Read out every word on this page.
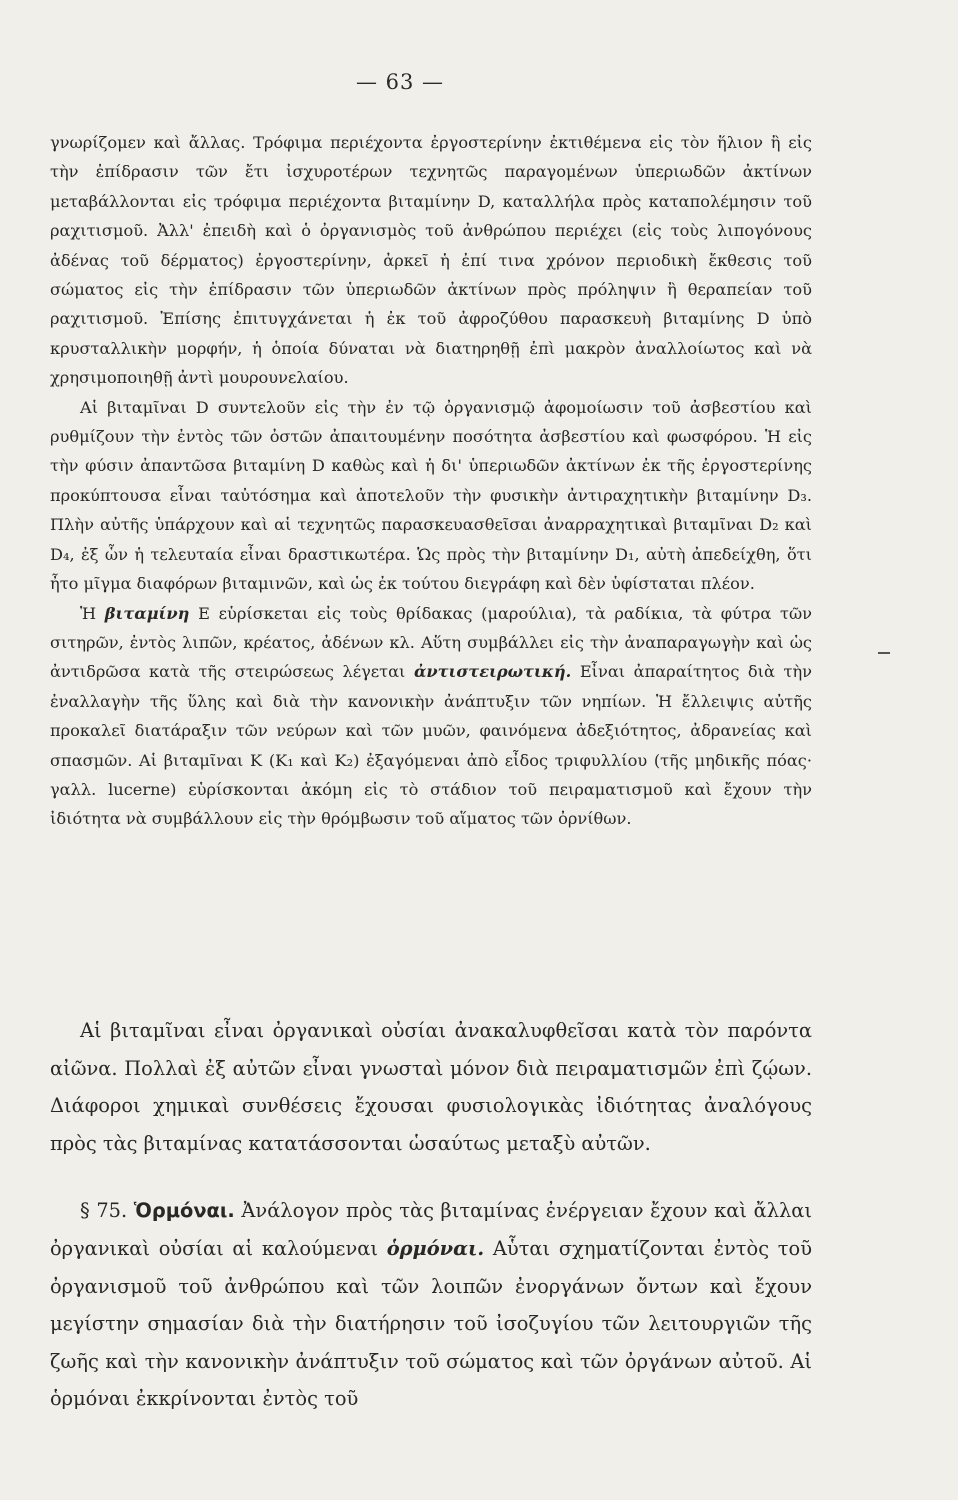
— 63 —

γνωρίζομεν καὶ ἄλλας. Τρόφιμα περιέχοντα ἐργοστερίνην ἐκτιθέμενα εἰς τὸν ἥλιον ἢ εἰς τὴν ἐπίδρασιν τῶν ἔτι ἰσχυροτέρων τεχνητῶς παραγομένων ὑπεριωδῶν ἀκτίνων μεταβάλλονται εἰς τρόφιμα περιέχοντα βιταμίνην D, καταλλήλα πρὸς καταπολέμησιν τοῦ ραχιτισμοῦ. Ἀλλ' ἐπειδὴ καὶ ὁ ὀργανισμὸς τοῦ ἀνθρώπου περιέχει (εἰς τοὺς λιπογόνους ἀδένας τοῦ δέρματος) ἐργοστερίνην, ἀρκεῖ ἡ ἐπί τινα χρόνον περιοδικὴ ἔκθεσις τοῦ σώματος εἰς τὴν ἐπίδρασιν τῶν ὑπεριωδῶν ἀκτίνων πρὸς πρόληψιν ἢ θεραπείαν τοῦ ραχιτισμοῦ. Ἐπίσης ἐπιτυγχάνεται ἡ ἐκ τοῦ ἀφροζύθου παρασκευὴ βιταμίνης D ὑπὸ κρυσταλλικὴν μορφήν, ἡ ὁποία δύναται νὰ διατηρηθῇ ἐπὶ μακρὸν ἀναλλοίωτος καὶ νὰ χρησιμοποιηθῇ ἀντὶ μουρουνελαίου.

Αἱ βιταμῖναι D συντελοῦν εἰς τὴν ἐν τῷ ὀργανισμῷ ἀφομοίωσιν τοῦ ἀσβεστίου καὶ ρυθμίζουν τὴν ἐντὸς τῶν ὀστῶν ἀπαιτουμένην ποσότητα ἀσβεστίου καὶ φωσφόρου. Ἡ εἰς τὴν φύσιν ἀπαντῶσα βιταμίνη D καθὼς καὶ ἡ δι' ὑπεριωδῶν ἀκτίνων ἐκ τῆς ἐργοστερίνης προκύπτουσα εἶναι ταὐτόσημα καὶ ἀποτελοῦν τὴν φυσικὴν ἀντιραχητικὴν βιταμίνην D₃. Πλὴν αὐτῆς ὑπάρχουν καὶ αἱ τεχνητῶς παρασκευασθεῖσαι ἀναρραχητικαὶ βιταμῖναι D₂ καὶ D₄, ἐξ ὧν ἡ τελευταία εἶναι δραστικωτέρα. Ὡς πρὸς τὴν βιταμίνην D₁, αὐτὴ ἀπεδείχθη, ὅτι ἦτο μῖγμα διαφόρων βιταμινῶν, καὶ ὡς ἐκ τούτου διεγράφη καὶ δὲν ὑφίσταται πλέον.

Ἡ βιταμίνη E εὑρίσκεται εἰς τοὺς θρίδακας (μαρούλια), τὰ ραδίκια, τὰ φύτρα τῶν σιτηρῶν, ἐντὸς λιπῶν, κρέατος, ἀδένων κλ. Αὕτη συμβάλλει εἰς τὴν ἀναπαραγωγὴν καὶ ὡς ἀντιδρῶσα κατὰ τῆς στειρώσεως λέγεται ἀντιστειρωτική. Εἶναι ἀπαραίτητος διὰ τὴν ἐναλλαγὴν τῆς ὕλης καὶ διὰ τὴν κανονικὴν ἀνάπτυξιν τῶν νηπίων. Ἡ ἔλλειψις αὐτῆς προκαλεῖ διατάραξιν τῶν νεύρων καὶ τῶν μυῶν, φαινόμενα ἀδεξιότητος, ἀδρανείας καὶ σπασμῶν. Αἱ βιταμῖναι K (K₁ καὶ K₂) ἐξαγόμεναι ἀπὸ εἶδος τριφυλλίου (τῆς μηδικῆς πόας· γαλλ. lucerne) εὑρίσκονται ἀκόμη εἰς τὸ στάδιον τοῦ πειραματισμοῦ καὶ ἔχουν τὴν ἰδιότητα νὰ συμβάλλουν εἰς τὴν θρόμβωσιν τοῦ αἵματος τῶν ὀρνίθων.

Αἱ βιταμῖναι εἶναι ὀργανικαὶ οὐσίαι ἀνακαλυφθεῖσαι κατὰ τὸν παρόντα αἰῶνα. Πολλαὶ ἐξ αὐτῶν εἶναι γνωσταὶ μόνον διὰ πειραματισμῶν ἐπὶ ζῴων. Διάφοροι χημικαὶ συνθέσεις ἔχουσαι φυσιολογικὰς ἰδιότητας ἀναλόγους πρὸς τὰς βιταμίνας κατατάσσονται ὡσαύτως μεταξὺ αὐτῶν.

§ 75. Ὁρμόναι. Ἀνάλογον πρὸς τὰς βιταμίνας ἐνέργειαν ἔχουν καὶ ἄλλαι ὀργανικαὶ οὐσίαι αἱ καλούμεναι ὁρμόναι. Αὗται σχηματίζονται ἐντὸς τοῦ ὀργανισμοῦ τοῦ ἀνθρώπου καὶ τῶν λοιπῶν ἐνοργάνων ὄντων καὶ ἔχουν μεγίστην σημασίαν διὰ τὴν διατήρησιν τοῦ ἰσοζυγίου τῶν λειτουργιῶν τῆς ζωῆς καὶ τὴν κανονικὴν ἀνάπτυξιν τοῦ σώματος καὶ τῶν ὀργάνων αὐτοῦ. Αἱ ὁρμόναι ἐκκρίνονται ἐντὸς τοῦ
